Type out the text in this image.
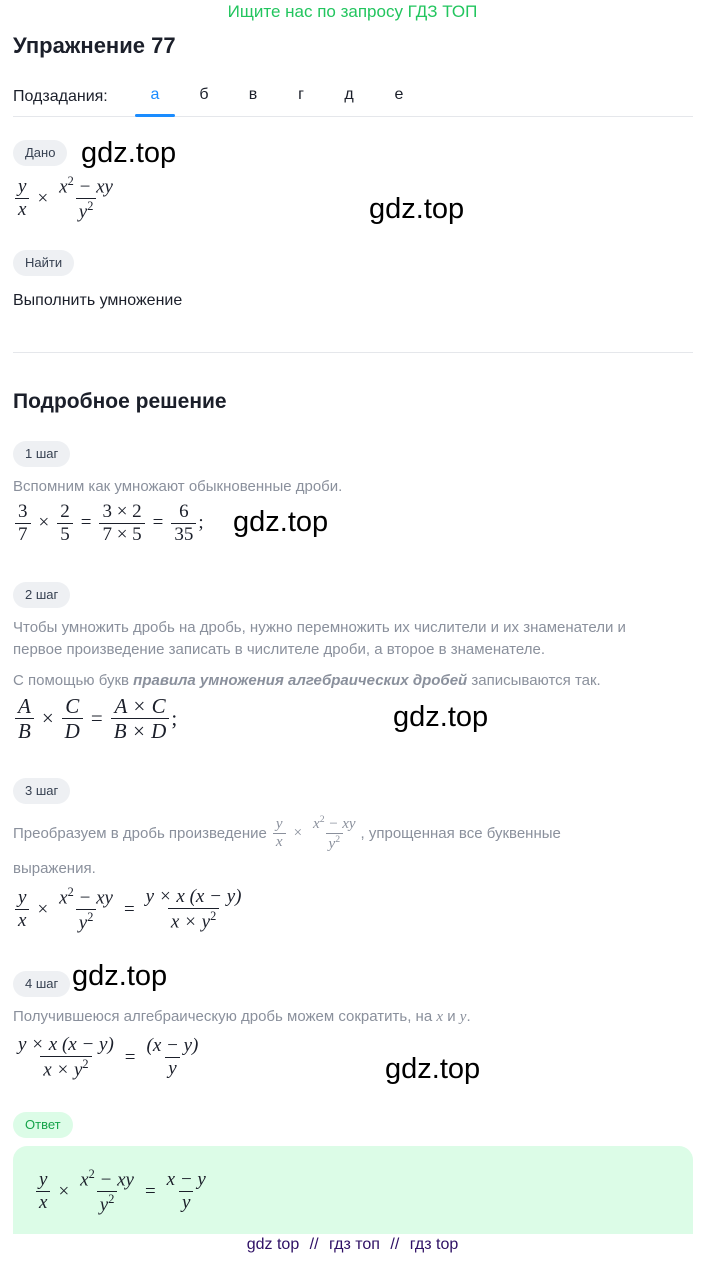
Ищите нас по запросу ГДЗ ТОП
Упражнение 77
Подзадания:	а	б	в	г	д	е
Дано gdz.top
$\frac{y}{x} \times \frac{x^2 - xy}{y^2}$	gdz.top
Найти
Выполнить умножение
Подробное решение
1 шаг
Вспомним как умножают обыкновенные дроби.
$\frac{3}{7} \times \frac{2}{5} = \frac{3 \times 2}{7 \times 5} = \frac{6}{35}$ ; gdz.top
2 шаг
Чтобы умножить дробь на дробь, нужно перемножить их числители и их знаменатели и
первое произведение записать в числителе дроби, а второе в знаменателе.
С помощью букв правила умножения алгебраических дробей записываются так.
$\frac{A}{B} \times \frac{C}{D} = \frac{A \times C}{B \times D}$ ;	gdz.top
3 шаг
Преобразуем в дробь произведение $\frac{y}{x} \times \frac{x^2 - xy}{y^2}$ , упрощенная все буквенные
выражения.
$\frac{y}{x} \times \frac{x^2 - xy}{y^2} = \frac{y \times x (x - y)}{x \times y^2}$
4 шаг gdz.top
Получившеюся алгебраическую дробь можем сократить, на x и y.
$\frac{y \times x (x - y)}{x \times y^2} = \frac{(x - y)}{y}$	gdz.top
Ответ
$\frac{y}{x} \times \frac{x^2 - xy}{y^2} = \frac{x - y}{y}$
gdz top // гдз топ // гдз top
